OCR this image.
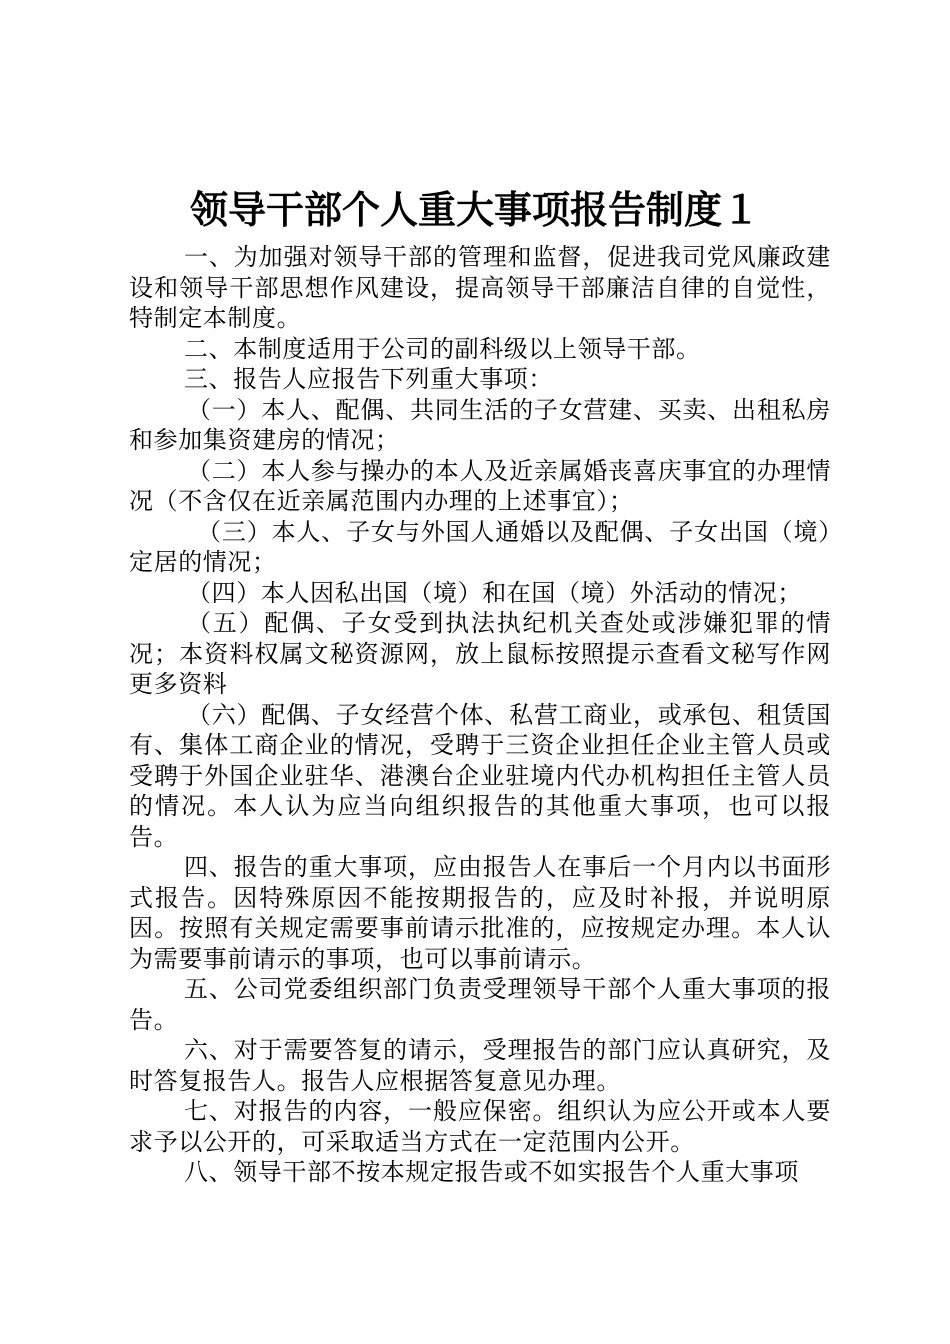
领导干部个人重大事项报告制度１

一、为加强对领导干部的管理和监督，促进我司党风廉政建设和领导干部思想作风建设，提高领导干部廉洁自律的自觉性，特制定本制度。

二、本制度适用于公司的副科级以上领导干部。

三、报告人应报告下列重大事项：

（一）本人、配偶、共同生活的子女营建、买卖、出租私房和参加集资建房的情况；

（二）本人参与操办的本人及近亲属婚丧喜庆事宜的办理情况（不含仅在近亲属范围内办理的上述事宜）；

（三）本人、子女与外国人通婚以及配偶、子女出国（境）定居的情况；

（四）本人因私出国（境）和在国（境）外活动的情况；

（五）配偶、子女受到执法执纪机关查处或涉嫌犯罪的情况；本资料权属文秘资源网，放上鼠标按照提示查看文秘写作网更多资料

（六）配偶、子女经营个体、私营工商业，或承包、租赁国有、集体工商企业的情况，受聘于三资企业担任企业主管人员或受聘于外国企业驻华、港澳台企业驻境内代办机构担任主管人员的情况。本人认为应当向组织报告的其他重大事项，也可以报告。

四、报告的重大事项，应由报告人在事后一个月内以书面形式报告。因特殊原因不能按期报告的，应及时补报，并说明原因。按照有关规定需要事前请示批准的，应按规定办理。本人认为需要事前请示的事项，也可以事前请示。

五、公司党委组织部门负责受理领导干部个人重大事项的报告。

六、对于需要答复的请示，受理报告的部门应认真研究，及时答复报告人。报告人应根据答复意见办理。

七、对报告的内容，一般应保密。组织认为应公开或本人要求予以公开的，可采取适当方式在一定范围内公开。

八、领导干部不按本规定报告或不如实报告个人重大事项
